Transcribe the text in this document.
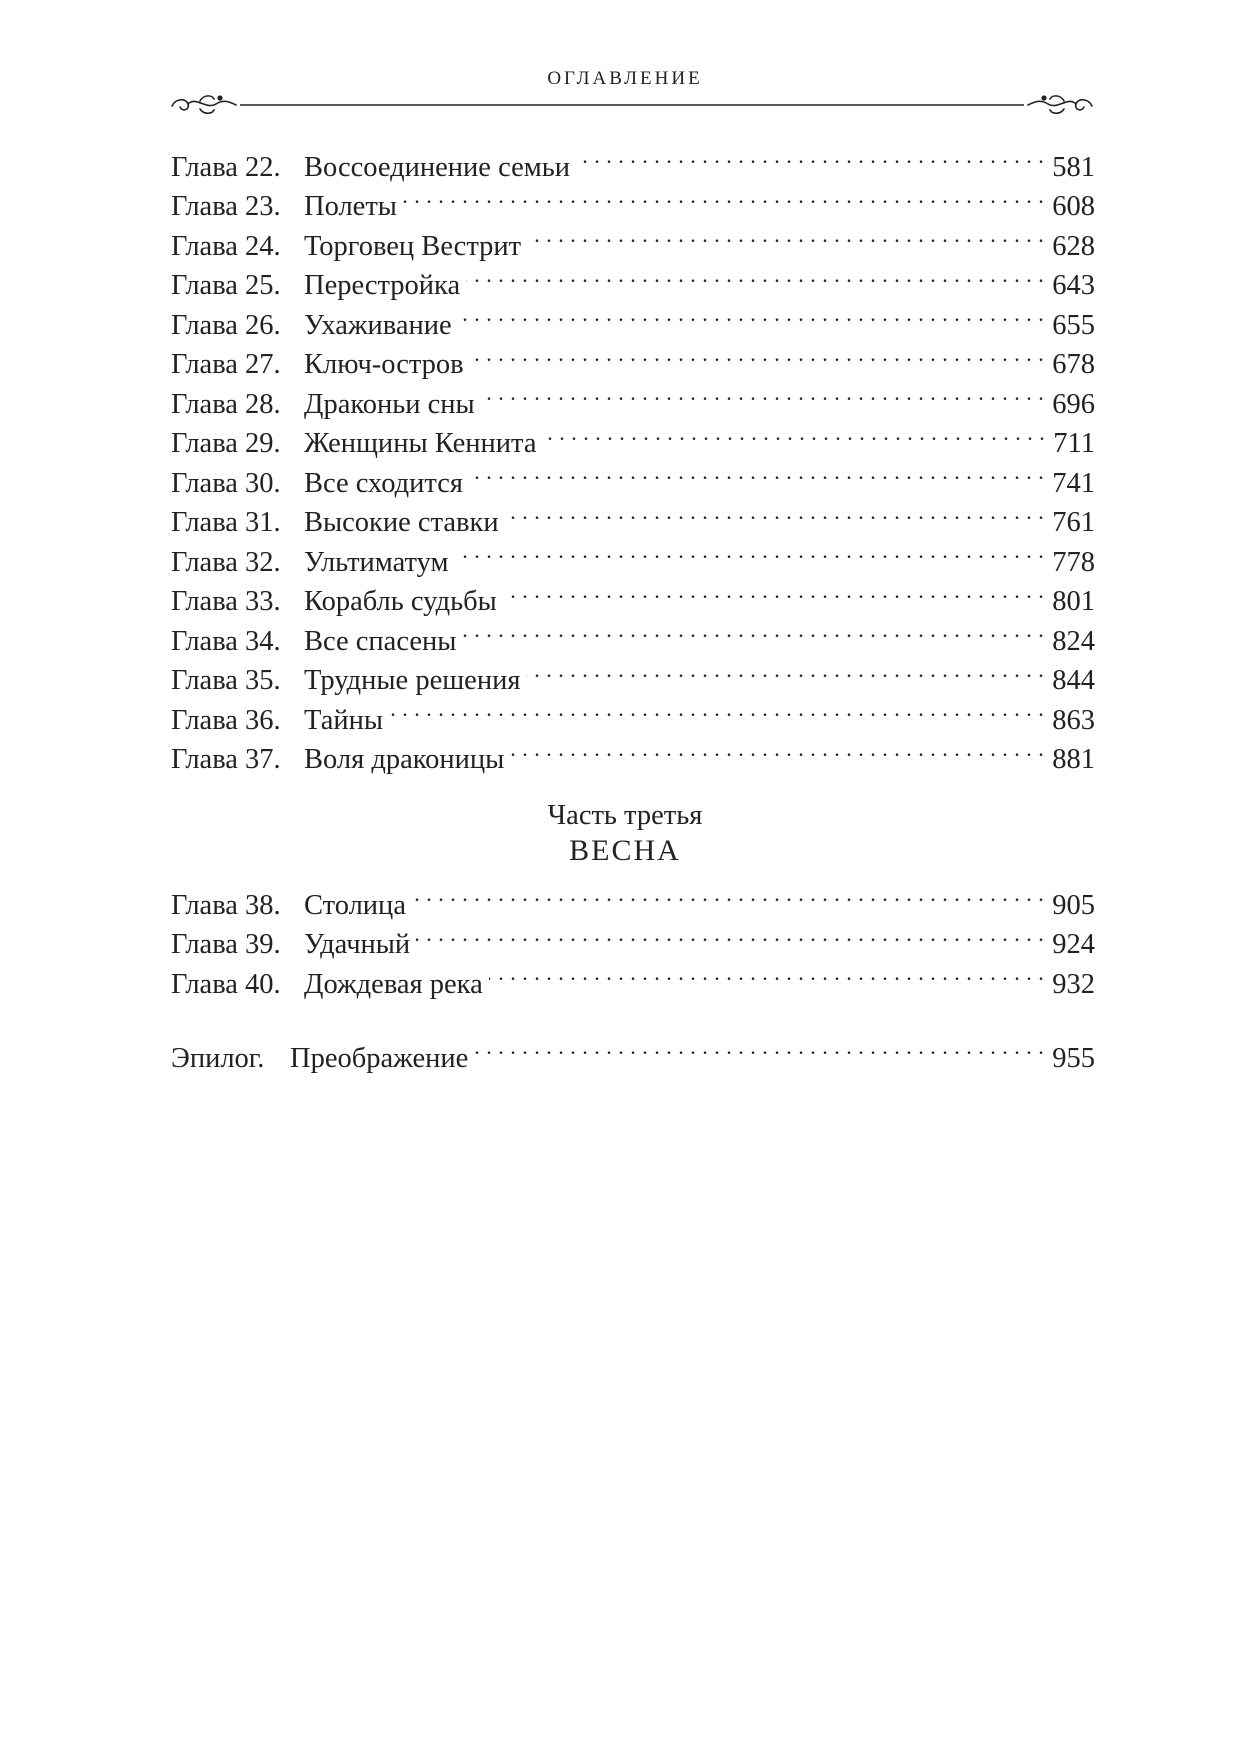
ОГЛАВЛЕНИЕ
Глава 22. Воссоединение семьи . . .	581
Глава 23. Полеты . . .	608
Глава 24. Торговец Вестрит . . .	628
Глава 25. Перестройка . . .	643
Глава 26. Ухаживание . . .	655
Глава 27. Ключ-остров . . .	678
Глава 28. Драконьи сны . . .	696
Глава 29. Женщины Кеннита . . .	711
Глава 30. Все сходится . . .	741
Глава 31. Высокие ставки . . .	761
Глава 32. Ультиматум . . .	778
Глава 33. Корабль судьбы . . .	801
Глава 34. Все спасены . . .	824
Глава 35. Трудные решения . . .	844
Глава 36. Тайны . . .	863
Глава 37. Воля драконицы . . .	881
Часть третья
ВЕСНА
Глава 38. Столица . . .	905
Глава 39. Удачный . . .	924
Глава 40. Дождевая река . . .	932
Эпилог. Преображение . . .	955
